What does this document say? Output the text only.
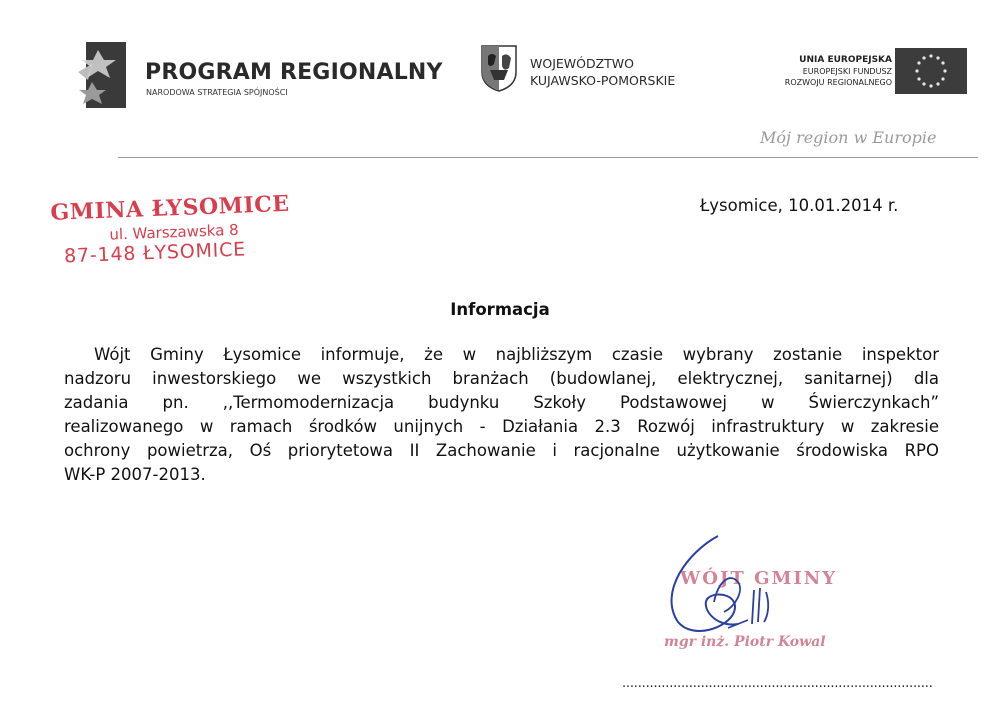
PROGRAM REGIONALNY
NARODOWA STRATEGIA SPÓJNOŚCI
WOJEWÓDZTWO
KUJAWSKO-POMORSKIE
UNIA EUROPEJSKA
EUROPEJSKI FUNDUSZ
ROZWOJU REGIONALNEGO
Mój region w Europie
GMINA ŁYSOMICE
ul. Warszawska 8
87-148 ŁYSOMICE
Łysomice, 10.01.2014 r.
Informacja
Wójt Gminy Łysomice informuje, że w najbliższym czasie wybrany zostanie inspektor
nadzoru inwestorskiego we wszystkich branżach (budowlanej, elektrycznej, sanitarnej) dla
zadania pn. ,,Termomodernizacja budynku Szkoły Podstawowej w Świerczynkach”
realizowanego w ramach środków unijnych - Działania 2.3 Rozwój infrastruktury w zakresie
ochrony powietrza, Oś priorytetowa II Zachowanie i racjonalne użytkowanie środowiska RPO
WK-P 2007-2013.
WÓJT GMINY
mgr inż. Piotr Kowal
...............................................................................
